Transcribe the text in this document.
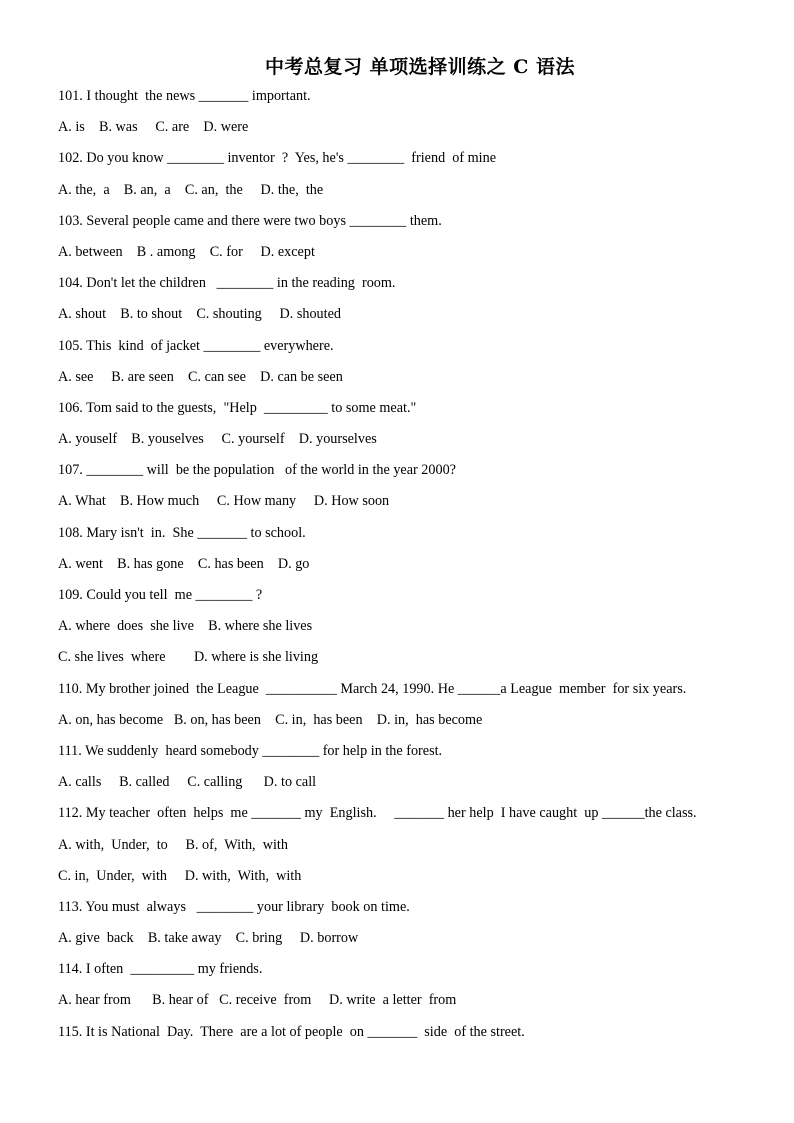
中考总复习 单项选择训练之 C 语法
101. I thought  the news _______ important.
A. is    B. was     C. are    D. were
102. Do you know ________ inventor  ?  Yes, he's ________  friend  of mine
A. the,  a    B. an,  a    C. an,  the     D. the,  the
103. Several people came and there were two boys ________ them.
A. between    B . among    C. for     D. except
104. Don't let the children   ________ in the reading  room.
A. shout    B. to shout    C. shouting     D. shouted
105. This  kind  of jacket ________ everywhere.
A. see     B. are seen    C. can see    D. can be seen
106. Tom said to the guests,  "Help  _________ to some meat."
A. youself    B. youselves     C. yourself    D. yourselves
107. ________ will  be the population   of the world in the year 2000?
A. What    B. How much     C. How many     D. How soon
108. Mary isn't  in.  She _______ to school.
A. went    B. has gone    C. has been    D. go
109. Could you tell  me ________ ?
A. where  does  she live    B. where she lives
C. she lives  where        D. where is she living
110. My brother joined  the League  __________ March 24, 1990. He ______a League  member  for six years.
A. on, has become   B. on, has been    C. in,  has been    D. in,  has become
111. We suddenly  heard somebody ________ for help in the forest.
A. calls     B. called     C. calling      D. to call
112. My teacher  often  helps  me _______ my  English.     _______ her help  I have caught  up ______the class.
A. with,  Under,  to     B. of,  With,  with
C. in,  Under,  with     D. with,  With,  with
113. You must  always   ________ your library  book on time.
A. give  back    B. take away    C. bring     D. borrow
114. I often  _________ my friends.
A. hear from      B. hear of   C. receive  from     D. write  a letter  from
115. It is National  Day.  There  are a lot of people  on _______  side  of the street.
